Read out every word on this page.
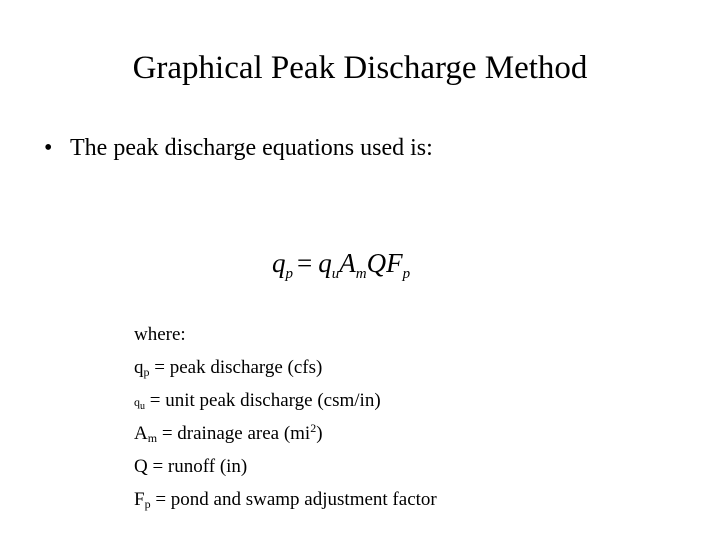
Graphical Peak Discharge Method
• The peak discharge equations used is:
$q_p = q_uA_mQF_p$
where:
$q_p$ = peak discharge (cfs)
$q_u$ = unit peak discharge (csm/in)
$A_m$ = drainage area $(mi^2)$
Q = runoff (in)
$F_p$ = pond and swamp adjustment factor
